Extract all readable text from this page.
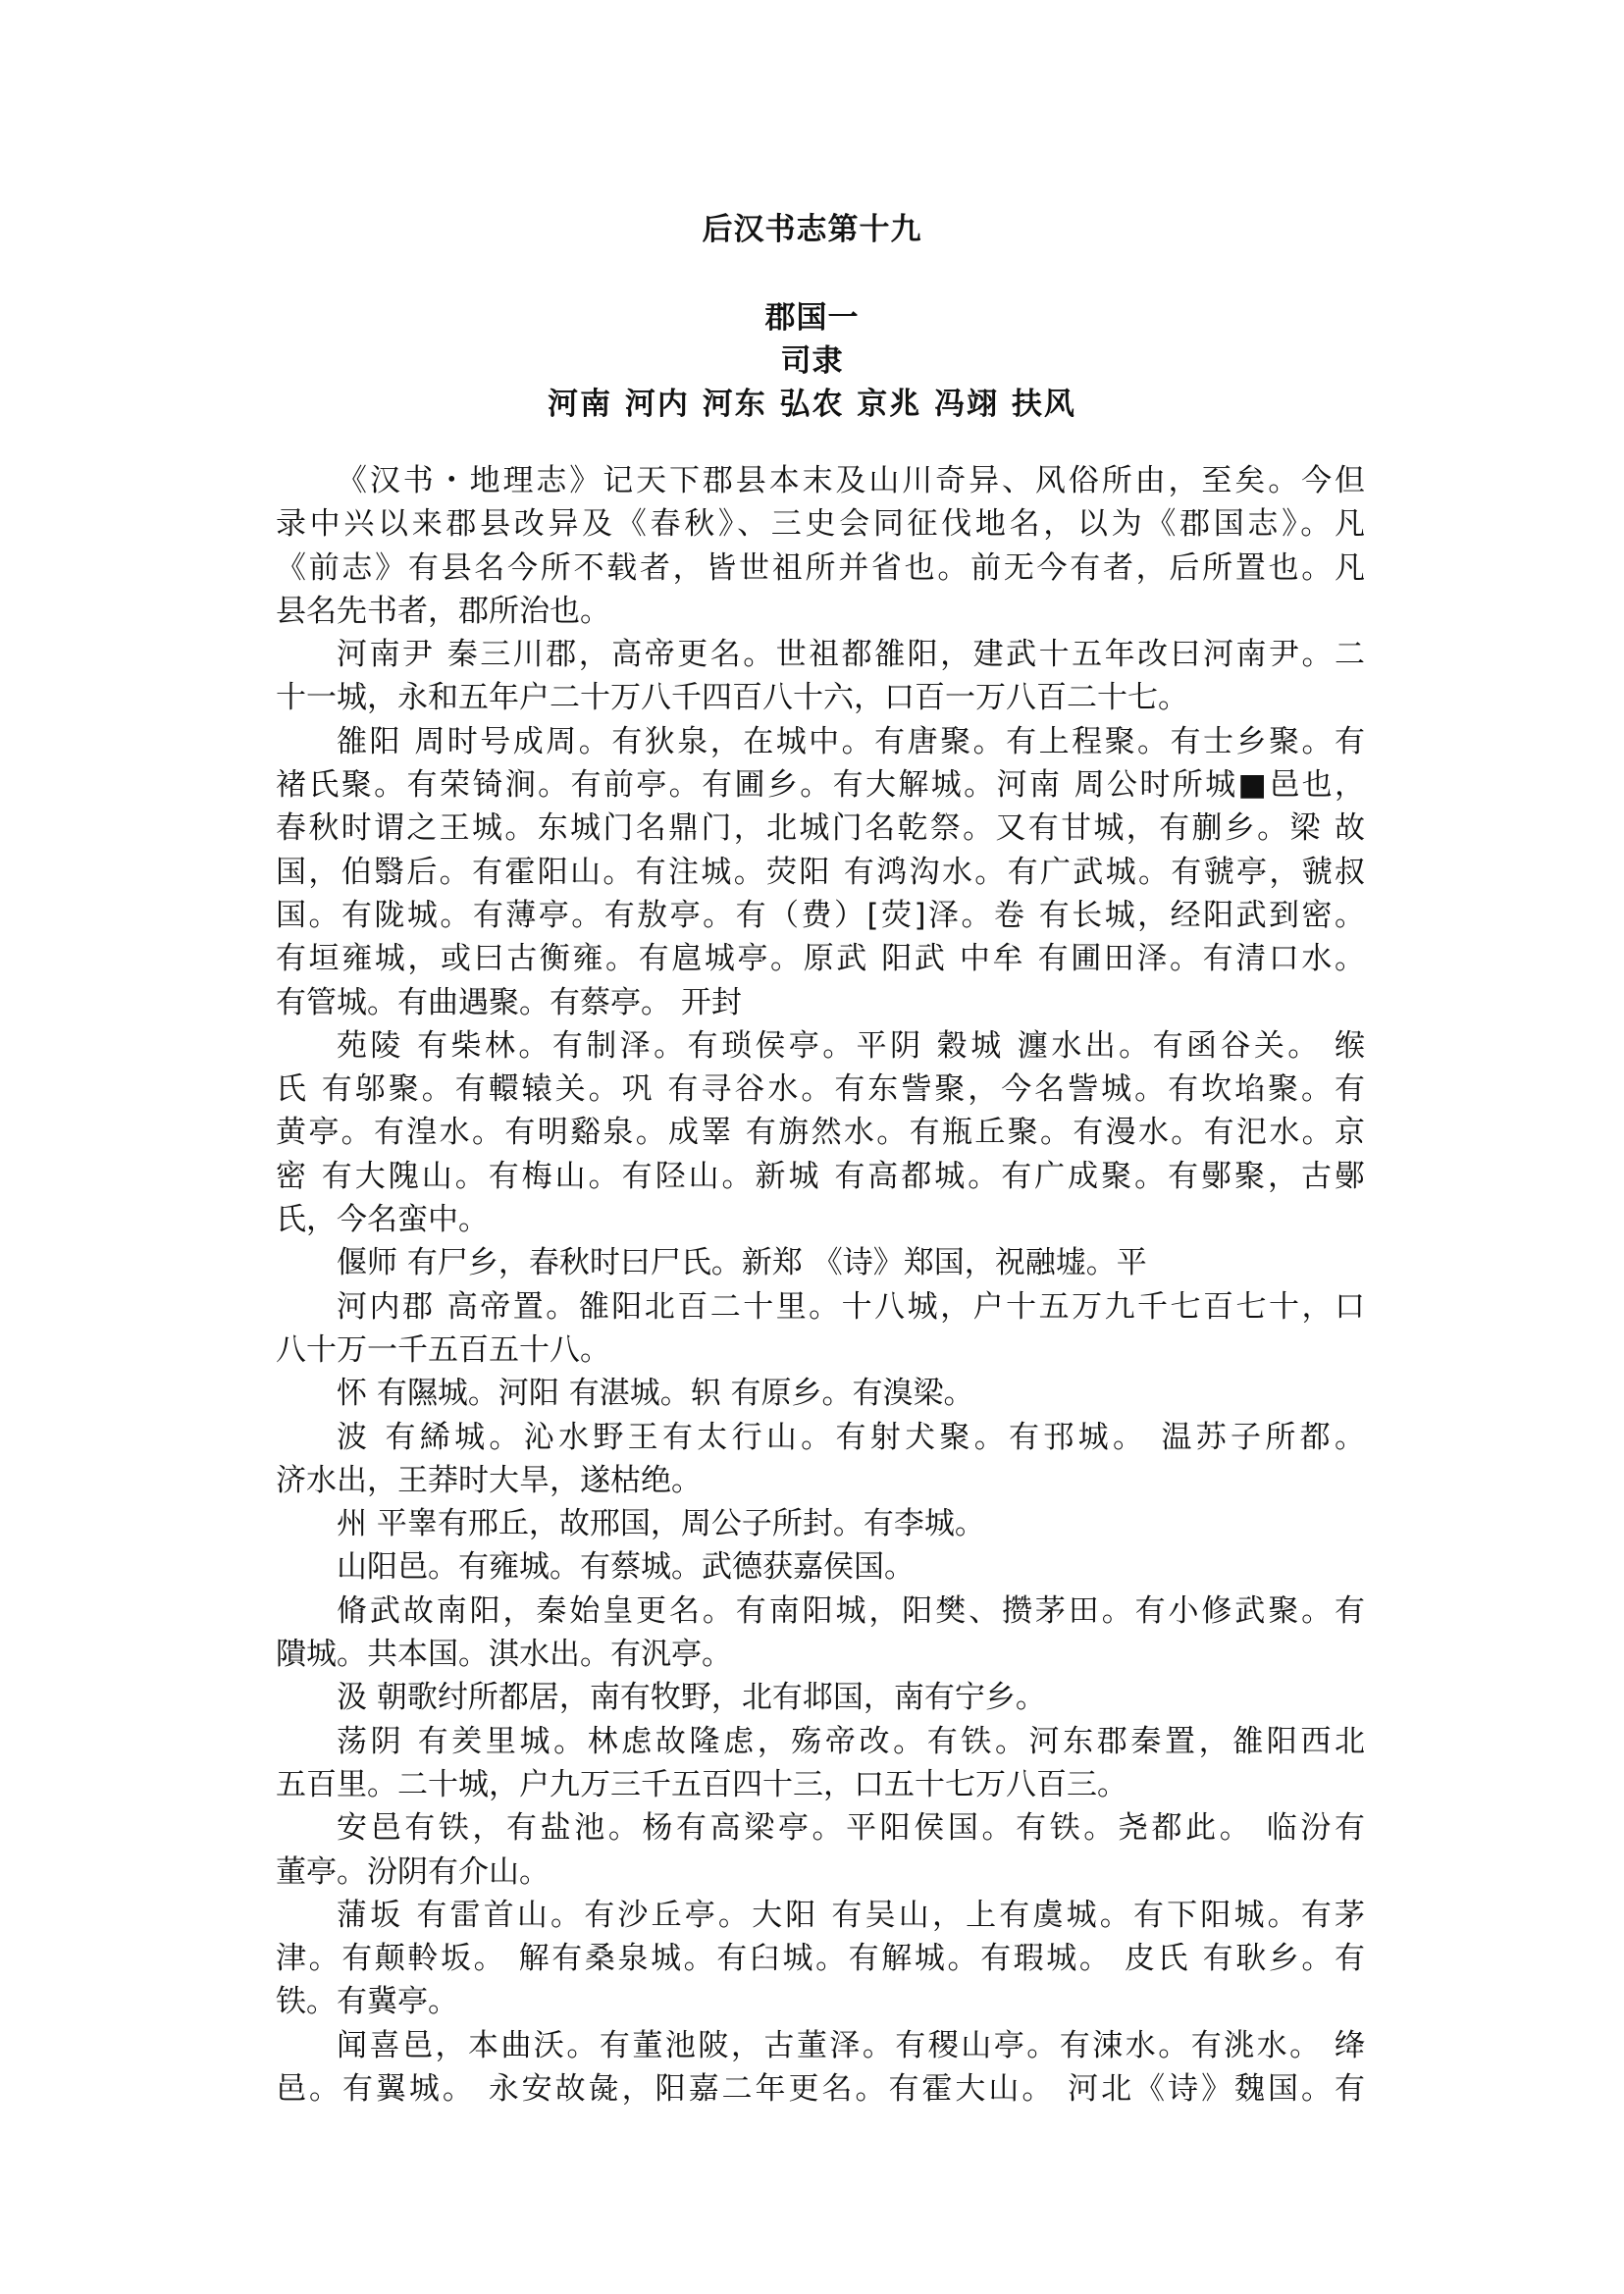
后汉书志第十九
郡国一
司隶
河南 河内 河东 弘农 京兆 冯翊 扶风
《汉书・地理志》记天下郡县本末及山川奇异、风俗所由，至矣。今但
录中兴以来郡县改异及《春秋》、三史会同征伐地名，以为《郡国志》。凡
《前志》有县名今所不载者，皆世祖所并省也。前无今有者，后所置也。凡
县名先书者，郡所治也。
河南尹 秦三川郡，高帝更名。世祖都雒阳，建武十五年改曰河南尹。二
十一城，永和五年户二十万八千四百八十六，口百一万八百二十七。
雒阳 周时号成周。有狄泉，在城中。有唐聚。有上程聚。有士乡聚。有
褚氏聚。有荣锜涧。有前亭。有圃乡。有大解城。河南 周公时所城■邑也，
春秋时谓之王城。东城门名鼎门，北城门名乾祭。又有甘城，有蒯乡。梁 故
国，伯翳后。有霍阳山。有注城。荧阳 有鸿沟水。有广武城。有虢亭，虢叔
国。有陇城。有薄亭。有敖亭。有（费）[荧]泽。卷 有长城，经阳武到密。
有垣雍城，或曰古衡雍。有扈城亭。原武 阳武 中牟 有圃田泽。有清口水。
有管城。有曲遇聚。有蔡亭。 开封
苑陵 有柴林。有制泽。有琐侯亭。平阴 穀城 瀍水出。有函谷关。 缑
氏 有邬聚。有轘辕关。巩 有寻谷水。有东訾聚，今名訾城。有坎埳聚。有
黄亭。有湟水。有明谿泉。成睪 有旃然水。有瓶丘聚。有漫水。有汜水。京
密 有大隗山。有梅山。有陉山。新城 有高都城。有广成聚。有鄤聚，古鄤
氏，今名蛮中。
偃师 有尸乡，春秋时曰尸氏。新郑 《诗》郑国，祝融墟。平
河内郡 高帝置。雒阳北百二十里。十八城，户十五万九千七百七十，口
八十万一千五百五十八。
怀 有隰城。河阳 有湛城。轵 有原乡。有溴梁。
波 有絺城。沁水野王有太行山。有射犬聚。有邘城。 温苏子所都。
济水出，王莽时大旱，遂枯绝。
州 平睾有邢丘，故邢国，周公子所封。有李城。
山阳邑。有雍城。有蔡城。武德获嘉侯国。
脩武故南阳，秦始皇更名。有南阳城，阳樊、攒茅田。有小修武聚。有
隤城。共本国。淇水出。有汎亭。
汲 朝歌纣所都居，南有牧野，北有邶国，南有宁乡。
荡阴 有羑里城。林虑故隆虑，殇帝改。有铁。河东郡秦置，雒阳西北
五百里。二十城，户九万三千五百四十三，口五十七万八百三。
安邑有铁，有盐池。杨有高梁亭。平阳侯国。有铁。尧都此。 临汾有
董亭。汾阴有介山。
蒲坂 有雷首山。有沙丘亭。大阳 有吴山，上有虞城。有下阳城。有茅
津。有颠軨坂。 解有桑泉城。有臼城。有解城。有瑕城。 皮氏 有耿乡。有
铁。有冀亭。
闻喜邑，本曲沃。有董池陂，古董泽。有稷山亭。有涑水。有洮水。 绛
邑。有翼城。 永安故彘，阳嘉二年更名。有霍大山。 河北《诗》魏国。有
